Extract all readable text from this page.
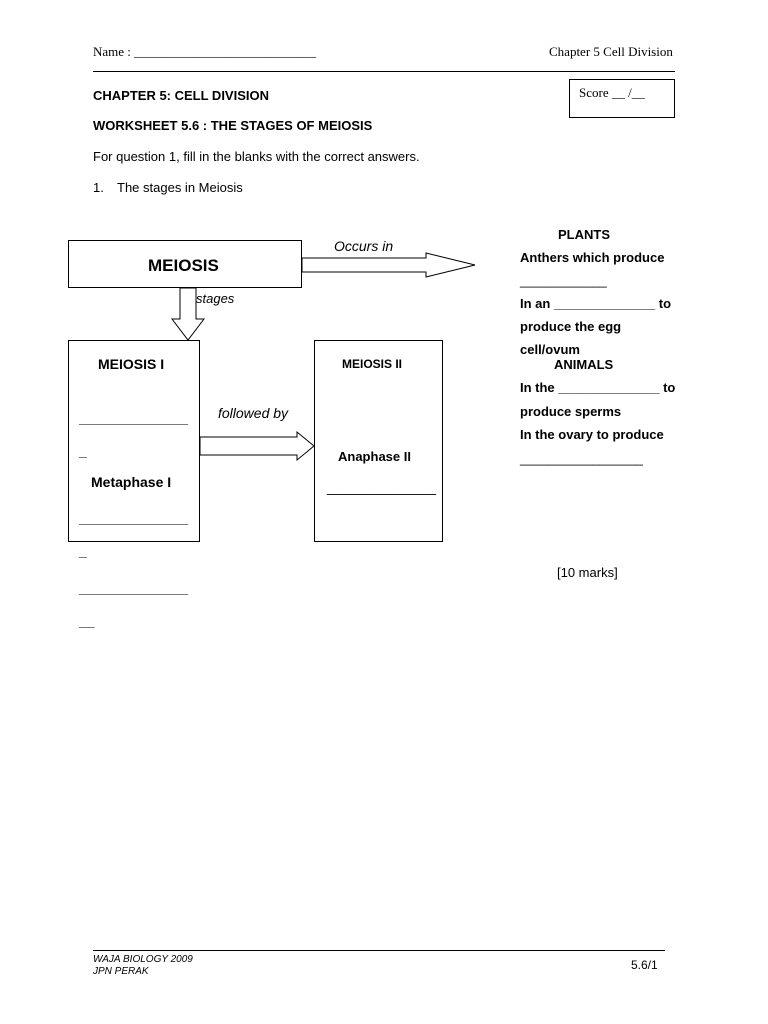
Name : ____________________________	Chapter 5 Cell Division
Score __ /__
CHAPTER 5: CELL DIVISION
WORKSHEET 5.6 : THE STAGES OF MEIOSIS
For question 1, fill in the blanks with the correct answers.
1. The stages in Meiosis
MEIOSIS
Occurs in
stages
followed by
MEIOSIS I
______________
_
Metaphase I
______________
_
______________
__
MEIOSIS II
Anaphase II
______________
PLANTS
Anthers which produce
____________
In an ______________ to
produce the egg
cell/ovum
ANIMALS
In the ______________ to
produce sperms
In the ovary to produce
_________________
[10 marks]
WAJA BIOLOGY 2009
JPN PERAK	5.6/1
